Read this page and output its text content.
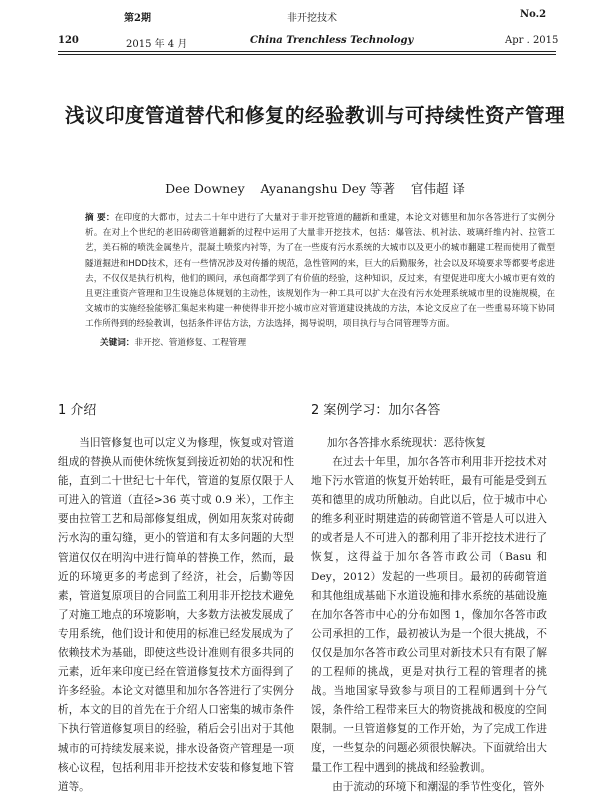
第2期	非开挖技术	No.2
120	2015 年 4 月	China Trenchless Technology	Apr . 2015
浅议印度管道替代和修复的经验教训与可持续性资产管理
Dee Downey    Ayanangshu Dey 等著    官伟超 译
摘 要：在印度的大都市，过去二十年中进行了大量对于非开挖管道的翻新和重建，本论文对德里和加尔各答进行了实例分析。在对上个世纪的老旧砖砌管道翻新的过程中运用了大量非开挖技术，包括：爆管法、机衬法、玻璃纤维内衬、拉管工艺，美石棉的喷洗金属垫片，混凝土喷浆内衬等，为了在一些废有污水系统的大城市以及更小的城市翻建工程而使用了微型隧道掘进和HDD技术，还有一些情况涉及对传播的规范，急性管网的来，巨大的后勤服务，社会以及环境要求等都要考虑进去，不仅仅是执行机构，他们的顾问，承包商都学到了有价值的经验，这种知识，反过来，有望促进印度大小城市更有效的且更注重资产管理和卫生设施总体规划的主动性，该规划作为一种工具可以扩大在没有污水处理系统城市里的设施规模，在文城市的实施经验能够汇集起来构建一种使得非开挖小城市应对管道建设挑战的方法，本论文反应了在一些重易环境下协同工作所得到的经验教训，包括条件评估方法，方法选择，揭导说明，项目执行与合同管理等方面。
关键词：非开挖、管道修复、工程管理
1 介绍

当旧管修复也可以定义为修理，恢复或对管道组成的替换从而使休统恢复到接近初始的状况和性能，直到二十世纪七十年代，管道的复原仅限于人可进入的管道（直径>36 英寸或 0.9 米），工作主要由拉管工艺和局部修复组成，例如用灰浆对砖砌污水沟的重勾缝，更小的管道和有太多问题的大型管道仅仅在明沟中进行简单的替换工作，然而，最近的环境更多的考虑到了经济，社会，后勤等因素，管道复原项目的合同监工利用非开挖技术避免了对施工地点的环境影响，大多数方法被发展成了专用系统，他们设计和使用的标准已经发展成为了依赖技术为基础，即使这些设计准则有很多共同的元素，近年来印度已经在管道修复技术方面得到了许多经验。本论文对德里和加尔各答进行了实例分析，本文的目的首先在于介绍人口密集的城市条件下执行管道修复项目的经验，稍后会引出对于其他城市的可持续发展来说，排水设备资产管理是一项核心议程，包括利用非开挖技术安装和修复地下管道等。

2 案例学习：加尔各答
加尔各答排水系统现状：恶待恢复

在过去十年里，加尔各答市利用非开挖技术对地下污水管道的恢复开始转旺，最有可能是受到五英和德里的成功所触动。自此以后，位于城市中心的维多利亚时期建造的砖砌管道不管是人可以进入的或者是人不可进入的都利用了非开挖技术进行了恢复，这得益于加尔各答市政公司（Basu 和 Dey，2012）发起的一些项目。最初的砖砌管道和其他组成基础下水道设施和排水系统的基础设施在加尔各答市中心的分布如图 1，像加尔各答市政公司承担的工作，最初被认为是一个很大挑战，不仅仅是加尔各答市政公司里对新技术只有有限了解的工程师的挑战，更是对执行工程的管理者的挑战。当地国家导致参与项目的工程师遇到十分气馁，条件给工程带来巨大的物资挑战和极度的空间限制。一旦管道修复的工作开始，为了完成工作进度，一些复杂的问题必须很快解决。下面就给出大量工作工程中遇到的挑战和经验教训。

由于流动的环境下和潮湿的季节性变化，管外
